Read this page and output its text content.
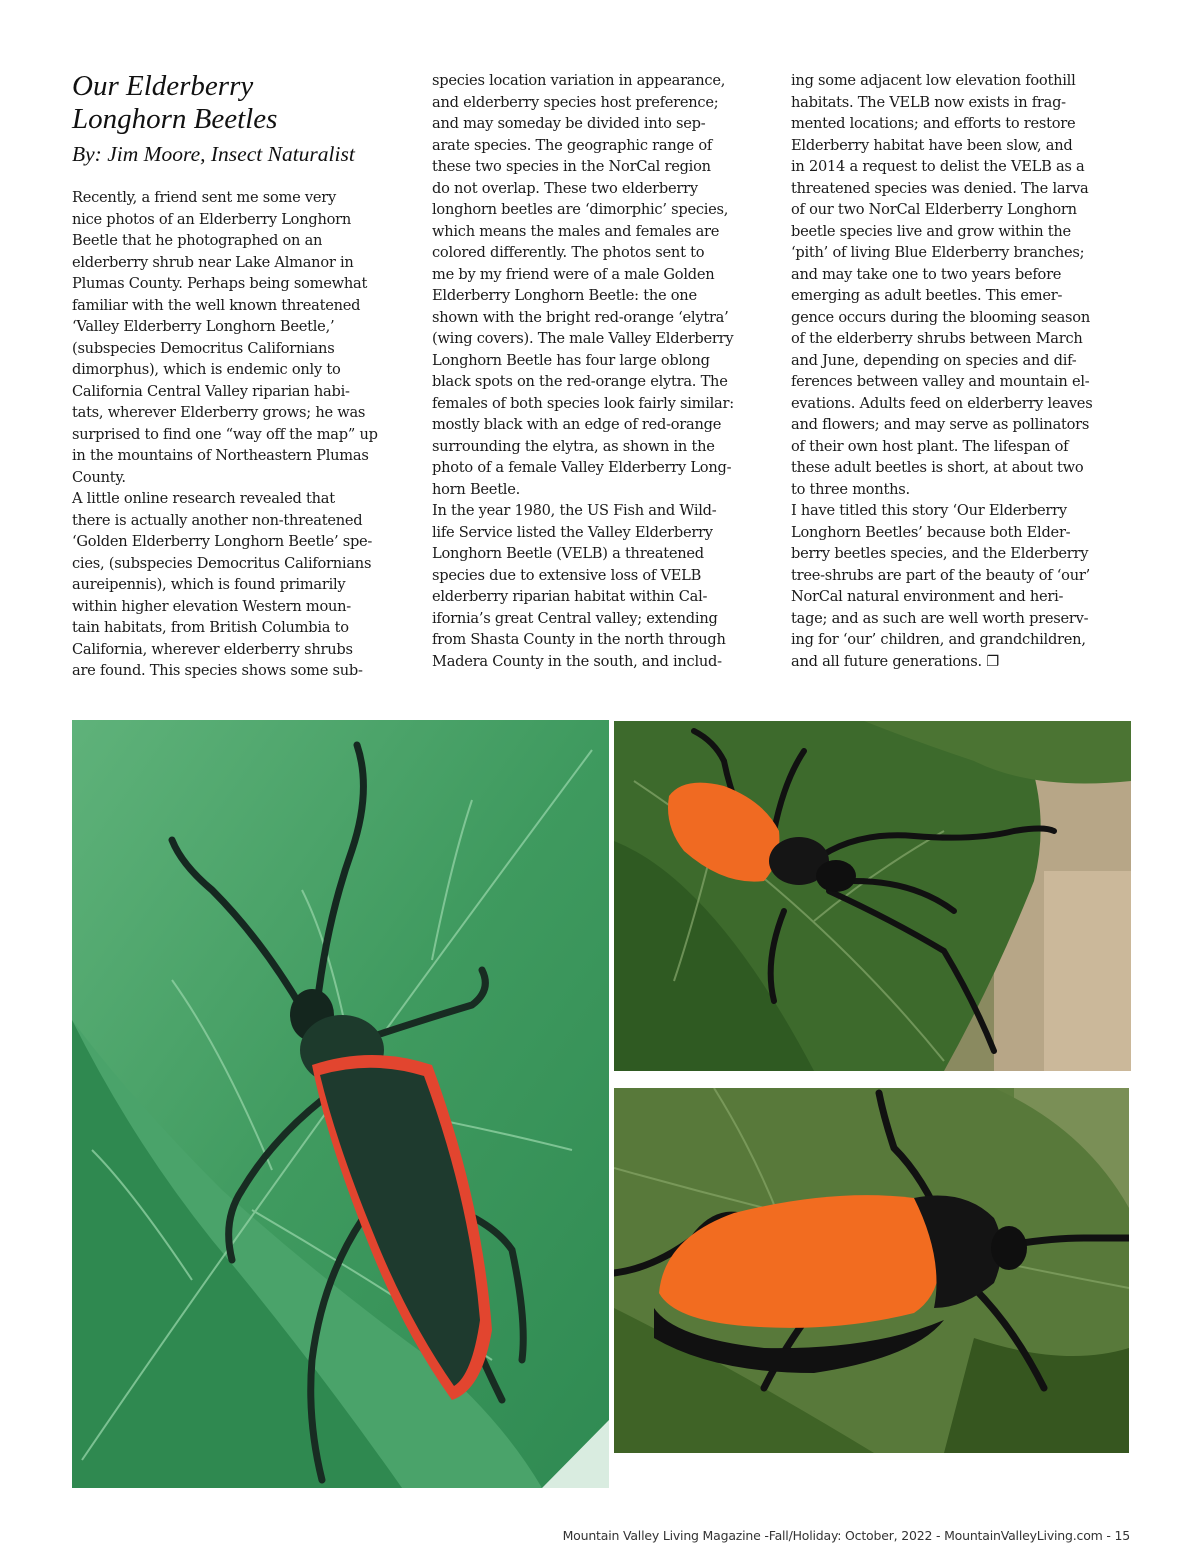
Our Elderberry
Longhorn Beetles

By: Jim Moore, Insect Naturalist

Recently, a friend sent me some very
nice photos of an Elderberry Longhorn
Beetle that he photographed on an
elderberry shrub near Lake Almanor in
Plumas County. Perhaps being somewhat
familiar with the well known threatened
‘Valley Elderberry Longhorn Beetle,’
(subspecies Democritus Californians
dimorphus), which is endemic only to
California Central Valley riparian habi-
tats, wherever Elderberry grows; he was
surprised to find one “way off the map” up
in the mountains of Northeastern Plumas
County.

A little online research revealed that
there is actually another non-threatened
‘Golden Elderberry Longhorn Beetle’ spe-
cies, (subspecies Democritus Californians
aureipennis), which is found primarily
within higher elevation Western moun-
tain habitats, from British Columbia to
California, wherever elderberry shrubs
are found. This species shows some sub-

species location variation in appearance,
and elderberry species host preference;
and may someday be divided into sep-
arate species. The geographic range of
these two species in the NorCal region
do not overlap. These two elderberry
longhorn beetles are ‘dimorphic’ species,
which means the males and females are
colored differently. The photos sent to
me by my friend were of a male Golden
Elderberry Longhorn Beetle: the one
shown with the bright red-orange ‘elytra’
(wing covers). The male Valley Elderberry
Longhorn Beetle has four large oblong
black spots on the red-orange elytra. The
females of both species look fairly similar:
mostly black with an edge of red-orange
surrounding the elytra, as shown in the
photo of a female Valley Elderberry Long-
horn Beetle.

In the year 1980, the US Fish and Wild-
life Service listed the Valley Elderberry
Longhorn Beetle (VELB) a threatened
species due to extensive loss of VELB
elderberry riparian habitat within Cal-
ifornia’s great Central valley; extending
from Shasta County in the north through
Madera County in the south, and includ-

ing some adjacent low elevation foothill
habitats. The VELB now exists in frag-
mented locations; and efforts to restore
Elderberry habitat have been slow, and
in 2014 a request to delist the VELB as a
threatened species was denied. The larva
of our two NorCal Elderberry Longhorn
beetle species live and grow within the
‘pith’ of living Blue Elderberry branches;
and may take one to two years before
emerging as adult beetles. This emer-
gence occurs during the blooming season
of the elderberry shrubs between March
and June, depending on species and dif-
ferences between valley and mountain el-
evations. Adults feed on elderberry leaves
and flowers; and may serve as pollinators
of their own host plant. The lifespan of
these adult beetles is short, at about two
to three months.

I have titled this story ‘Our Elderberry
Longhorn Beetles’ because both Elder-
berry beetles species, and the Elderberry
tree-shrubs are part of the beauty of ‘our’
NorCal natural environment and heri-
tage; and as such are well worth preserv-
ing for ‘our’ children, and grandchildren,
and all future generations. ❐

Mountain Valley Living Magazine -Fall/Holiday: October, 2022 - MountainValleyLiving.com - 15
